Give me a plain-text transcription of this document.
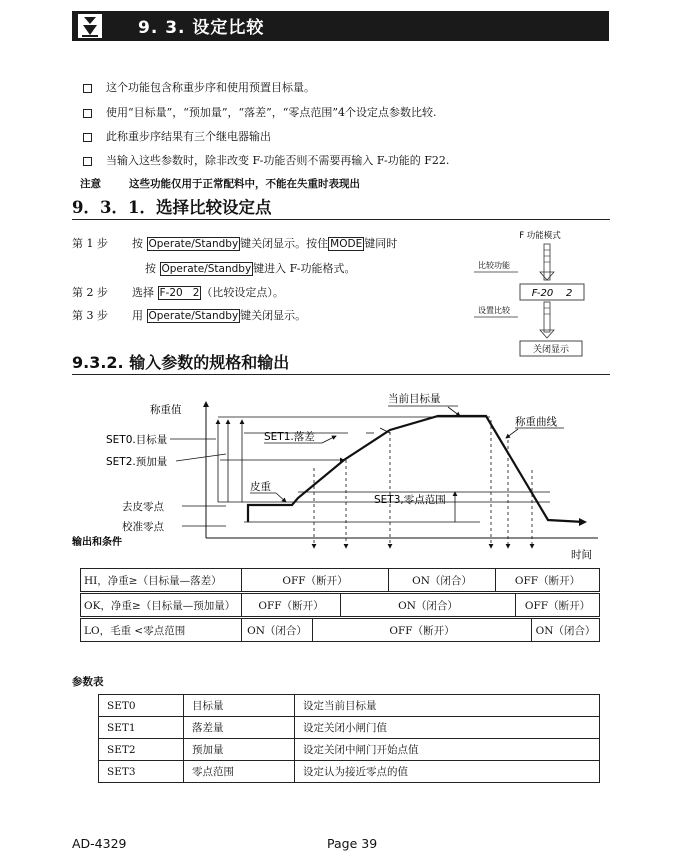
9. 3. 设定比较
这个功能包含称重步序和使用预置目标量。
使用“目标量”，“预加量”，“落差”，“零点范围”4个设定点参数比较.
此称重步序结果有三个继电器输出
当输入这些参数时，除非改变 F-功能否则不需要再输入 F-功能的 F22.
注意	这些功能仅用于正常配料中，不能在失重时表现出
9．3．1．选择比较设定点
第 1 步 按 Operate/Standby 键关闭显示。按住 MODE 键同时
按 Operate/Standby 键进入 F-功能格式。
第 2 步 选择 F-20   2 （比较设定点）。
第 3 步 用 Operate/Standby 键关闭显示。
F 功能模式
比较功能
F-20    2
设置比较
关闭显示
9.3.2. 输入参数的规格和输出
称重值
时间
当前目标量
称重曲线
SET0.目标量
SET2.预加量
去皮零点
校准零点
输出和条件
SET1.落差
皮重
SET3,零点范围
HI，净重≥（目标量—落差）	OFF（断开）	ON（闭合）	OFF（断开）
OK，净重≥（目标量—预加量）	OFF（断开）	ON（闭合）	OFF（断开）
LO，毛重 <零点范围	ON（闭合）	OFF（断开）	ON（闭合）
参数表
SET0	目标量	设定当前目标量
SET1	落差量	设定关闭小闸门值
SET2	预加量	设定关闭中闸门开始点值
SET3	零点范围	设定认为接近零点的值
AD-4329	Page 39
